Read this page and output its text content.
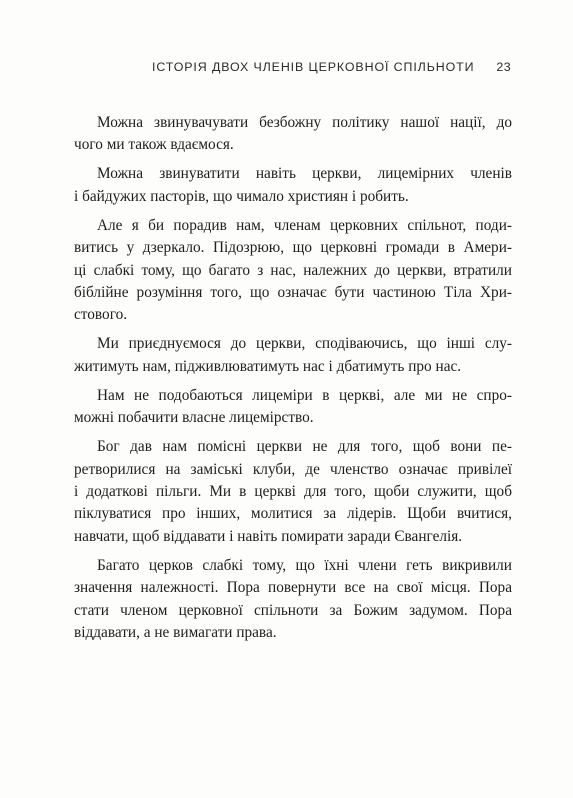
ІСТОРІЯ ДВОХ ЧЛЕНІВ ЦЕРКОВНОЇ СПІЛЬНОТИ 23

Можна звинувачувати безбожну політику нашої нації, до
чого ми також вдаємося.

Можна звинуватити навіть церкви, лицемірних членів
і байдужих пасторів, що чимало християн і робить.

Але я би порадив нам, членам церковних спільнот, поди-
витись у дзеркало. Підозрюю, що церковні громади в Амери-
ці слабкі тому, що багато з нас, належних до церкви, втратили
біблійне розуміння того, що означає бути частиною Тіла Хри-
стового.

Ми приєднуємося до церкви, сподіваючись, що інші слу-
житимуть нам, підживлюватимуть нас і дбатимуть про нас.

Нам не подобаються лицеміри в церкві, але ми не спро-
можні побачити власне лицемірство.

Бог дав нам помісні церкви не для того, щоб вони пе-
ретворилися на заміські клуби, де членство означає привілеї
і додаткові пільги. Ми в церкві для того, щоби служити, щоб
піклуватися про інших, молитися за лідерів. Щоби вчитися,
навчати, щоб віддавати і навіть помирати заради Євангелія.

Багато церков слабкі тому, що їхні члени геть викривили
значення належності. Пора повернути все на свої місця. Пора
стати членом церковної спільноти за Божим задумом. Пора
віддавати, а не вимагати права.
